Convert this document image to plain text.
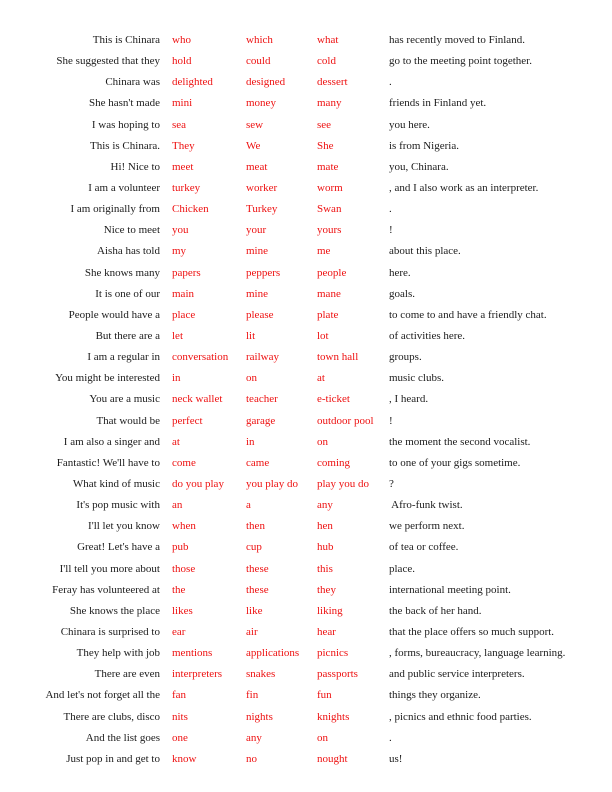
This is Chinara	who	which	what	has recently moved to Finland.
She suggested that they	hold	could	cold	go to the meeting point together.
Chinara was	delighted	designed	dessert	.
She hasn't made	mini	money	many	friends in Finland yet.
I was hoping to	sea	sew	see	you here.
This is Chinara.	They	We	She	is from Nigeria.
Hi! Nice to	meet	meat	mate	you, Chinara.
I am a volunteer	turkey	worker	worm	, and I also work as an interpreter.
I am originally from	Chicken	Turkey	Swan	.
Nice to meet	you	your	yours	!
Aisha has told	my	mine	me	about this place.
She knows many	papers	peppers	people	here.
It is one of our	main	mine	mane	goals.
People would have a	place	please	plate	to come to and have a friendly chat.
But there are a	let	lit	lot	of activities here.
I am a regular in	conversation	railway	town hall	groups.
You might be interested	in	on	at	music clubs.
You are a music	neck wallet	teacher	e-ticket	, I heard.
That would be	perfect	garage	outdoor pool	!
I am also a singer and	at	in	on	the moment the second vocalist.
Fantastic! We'll have to	come	came	coming	to one of your gigs sometime.
What kind of music	do you play	you play do	play you do	?
It's pop music with	an	a	any	Afro-funk twist.
I'll let you know	when	then	hen	we perform next.
Great! Let's have a	pub	cup	hub	of tea or coffee.
I'll tell you more about	those	these	this	place.
Feray has volunteered at	the	these	they	international meeting point.
She knows the place	likes	like	liking	the back of her hand.
Chinara is surprised to	ear	air	hear	that the place offers so much support.
They help with job	mentions	applications	picnics	, forms, bureaucracy, language learning.
There are even	interpreters	snakes	passports	and public service interpreters.
And let's not forget all the	fan	fin	fun	things they organize.
There are clubs, disco	nits	nights	knights	, picnics and ethnic food parties.
And the list goes	one	any	on	.
Just pop in and get to	know	no	nought	us!
